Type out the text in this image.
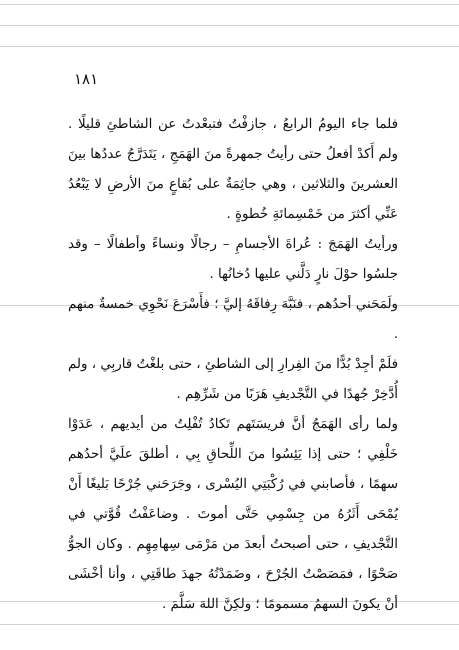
١٨١

فلما جاء اليومُ الرابعُ ، جازفْتُ فتبعْدتُ عن الشاطئِ قليلًا . ولم أَكدْ أفعلُ حتى رأيتُ جمهرةً منَ الهَمَجِ ، يَتَدَرَّجُ عددُها بينَ العشرينَ والثلاثين ، وهي جاثِمَةٌ على بُقاعٍ منَ الأرضِ لا يَبْعُدُ عَنِّي أكثرَ من خَمْسِمائةِ خُطوةٍ .

ورأيتُ الهَمَجَ : عُراةَ الأجسامِ – رجالًا ونساءً وأطفالًا – وقد جلسُوا حوْلَ نارٍ دَلَّني عليها دُخانُها .

ولَمَحَني أحدُهم ، فنَبَّهَ رِفاقَهُ إليَّ ؛ فأَسْرَعَ نَحْوِي خمسةٌ منهم .

فلَمْ أجِدْ بُدًّا منَ الفِرارِ إلى الشاطئِ ، حتى بلغْتُ قاربِي ، ولم أُدَّخِرْ جُهدًا في التَّجْديفِ هَرَبًا من شَرِّهِم .

ولما رأى الهَمَجُ أنَّ فريسَتَهم تَكادُ تُفْلِتُ من أيديهم ، عَدَوْا خَلْفِي ؛ حتى إذا يَئِسُوا منَ اللِّحاقِ بِي ، أطلقَ علَيَّ أحدُهم سهمًا ، فأصابني في رُكْبَتِي اليُسْرى ، وجَرَحَني جُرْحًا بَليغًا أَنْ يُمْحَى أَثَرُهُ من جِسْمِي حَتَّى أموتَ . وضاعَفْتُ قُوَّتي في التَّجْديفِ ، حتى أصبحتُ أبعدَ من مَرْمَى سِهامِهِم . وكان الجوُّ صَحْوًا ، فمَصَصْتُ الجُرْحَ ، وضَمَدْتُهُ جهدَ طاقَتِي ، وأنا أخْشَى أنْ يكونَ السهمُ مسمومًا ؛ ولكِنَّ اللهَ سَلَّمَ .
